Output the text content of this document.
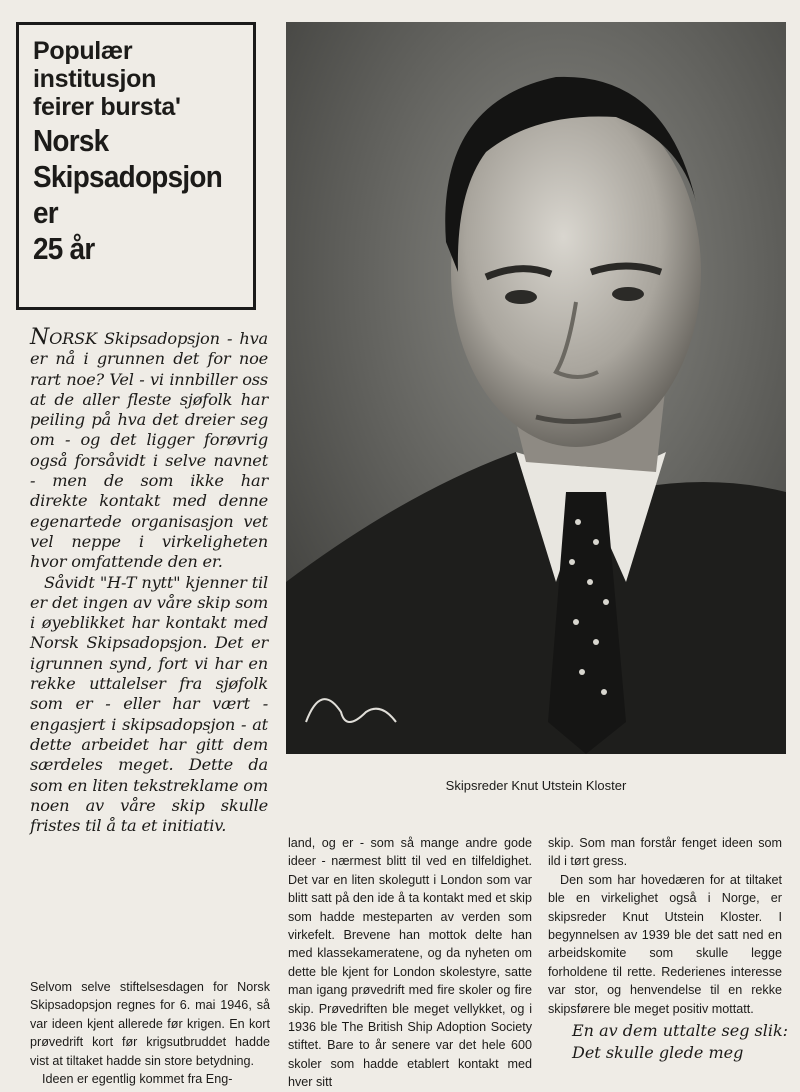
Populær
institusjon
feirer bursta'
Norsk
Skipsadopsjon
er
25 år
Skipsreder Knut Utstein Kloster

NORSK Skipsadopsjon - hva er nå i grunnen det for noe rart noe? Vel - vi innbiller oss at de aller fleste sjøfolk har peiling på hva det dreier seg om - og det ligger forøvrig også forsåvidt i selve navnet - men de som ikke har direkte kontakt med denne egenartede organisasjon vet vel neppe i virkeligheten hvor omfattende den er.

Såvidt "H-T nytt" kjenner til er det ingen av våre skip som i øyeblikket har kontakt med Norsk Skipsadopsjon. Det er igrunnen synd, fort vi har en rekke uttalelser fra sjøfolk som er - eller har vært - engasjert i skipsadopsjon - at dette arbeidet har gitt dem særdeles meget. Dette da som en liten tekstreklame om noen av våre skip skulle fristes til å ta et initiativ.

Selvom selve stiftelsesdagen for Norsk Skipsadopsjon regnes for 6. mai 1946, så var ideen kjent allerede før krigen. En kort prøvedrift kort før krigsutbruddet hadde vist at tiltaket hadde sin store betydning.

Ideen er egentlig kommet fra Eng-

land, og er - som så mange andre gode ideer - nærmest blitt til ved en tilfeldighet. Det var en liten skolegutt i London som var blitt satt på den ide å ta kontakt med et skip som hadde mesteparten av verden som virkefelt. Brevene han mottok delte han med klassekameratene, og da nyheten om dette ble kjent for London skolestyre, satte man igang prøvedrift med fire skoler og fire skip. Prøvedriften ble meget vellykket, og i 1936 ble The British Ship Adoption Society stiftet. Bare to år senere var det hele 600 skoler som hadde etablert kontakt med hver sitt

skip. Som man forstår fenget ideen som ild i tørt gress.

Den som har hovedæren for at tiltaket ble en virkelighet også i Norge, er skipsreder Knut Utstein Kloster. I begynnelsen av 1939 ble det satt ned en arbeidskomite som skulle legge forholdene til rette. Rederienes interesse var stor, og henvendelse til en rekke skipsførere ble meget positiv mottatt.

En av dem uttalte seg slik:

Det skulle glede meg
